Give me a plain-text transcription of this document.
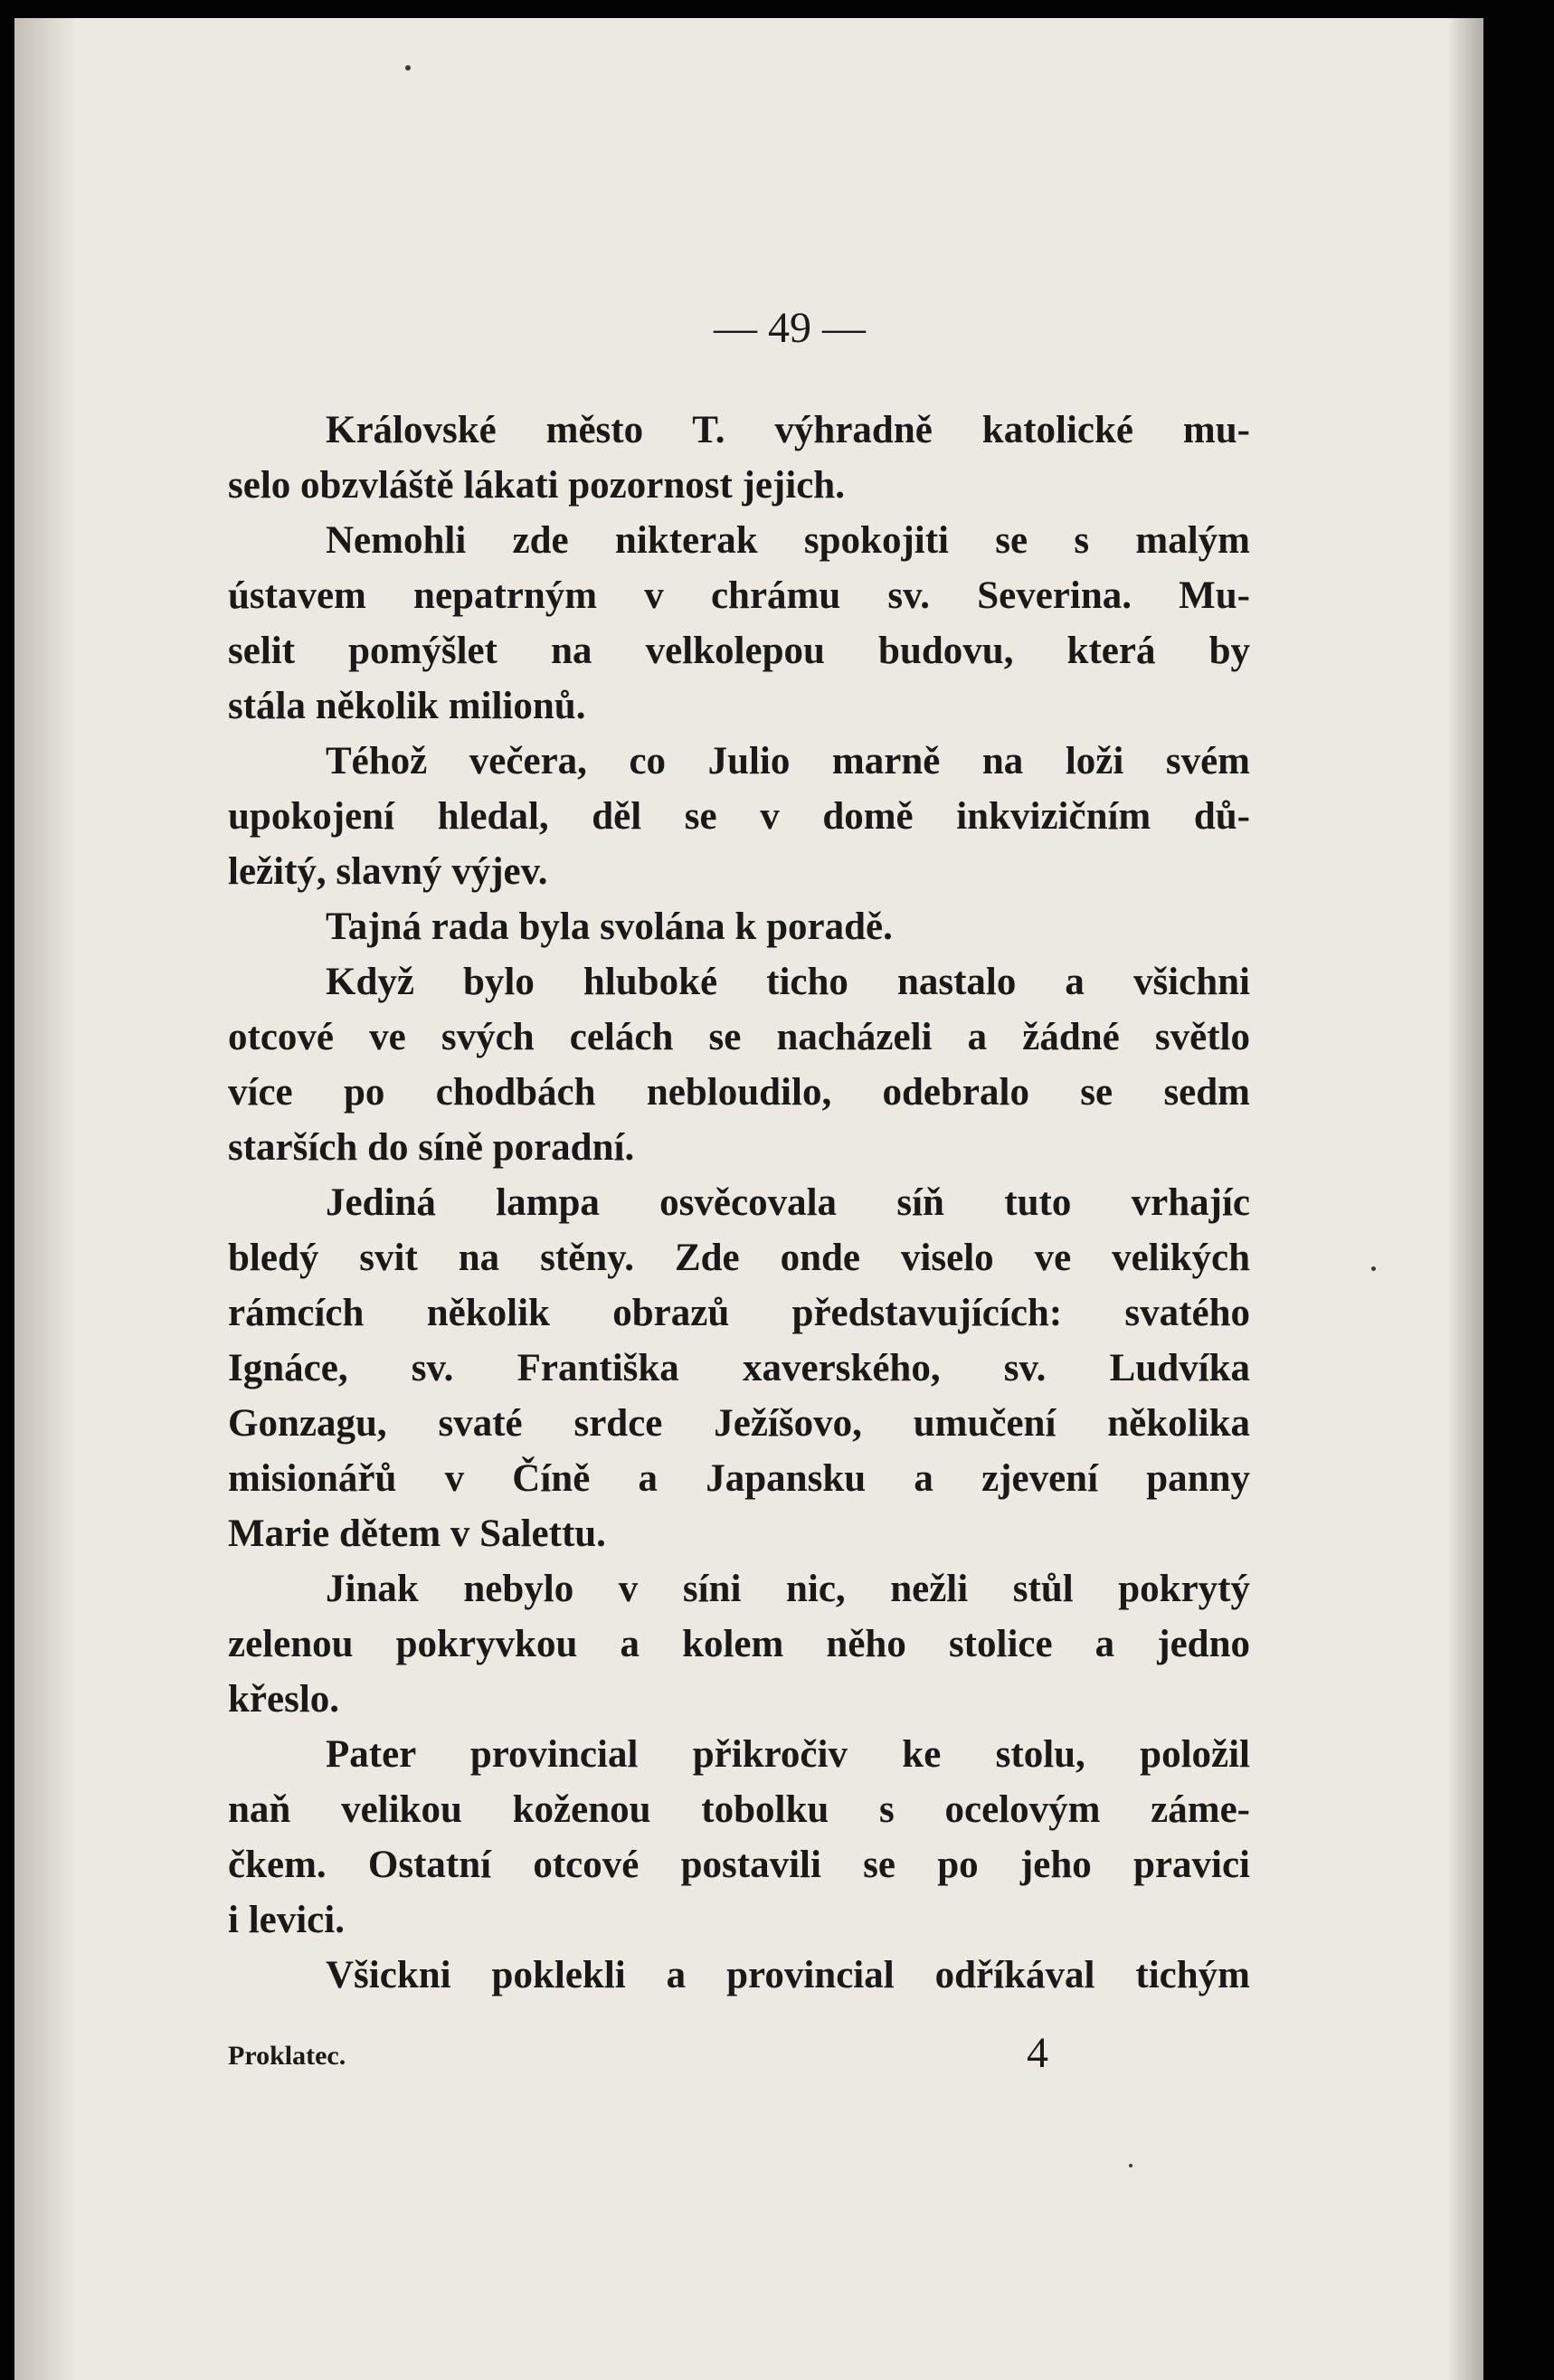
— 49 —
Královské město T. výhradně katolické mu-
selo obzvláště lákati pozornost jejich.
Nemohli zde nikterak spokojiti se s malým
ústavem nepatrným v chrámu sv. Severina. Mu-
selit pomýšlet na velkolepou budovu, která by
stála několik milionů.
Téhož večera, co Julio marně na loži svém
upokojení hledal, děl se v domě inkvizičním dů-
ležitý, slavný výjev.
Tajná rada byla svolána k poradě.
Když bylo hluboké ticho nastalo a všichni
otcové ve svých celách se nacházeli a žádné světlo
více po chodbách nebloudilo, odebralo se sedm
starších do síně poradní.
Jediná lampa osvěcovala síň tuto vrhajíc
bledý svit na stěny. Zde onde viselo ve velikých
rámcích několik obrazů představujících: svatého
Ignáce, sv. Františka xaverského, sv. Ludvíka
Gonzagu, svaté srdce Ježíšovo, umučení několika
misionářů v Číně a Japansku a zjevení panny
Marie dětem v Salettu.
Jinak nebylo v síni nic, nežli stůl pokrytý
zelenou pokryvkou a kolem něho stolice a jedno
křeslo.
Pater provincial přikročiv ke stolu, položil
naň velikou koženou tobolku s ocelovým zámе-
čkem. Ostatní otcové postavili se po jeho pravici
i levici.
Všickni poklekli a provincial odříkával tichým
Proklatec.	4
